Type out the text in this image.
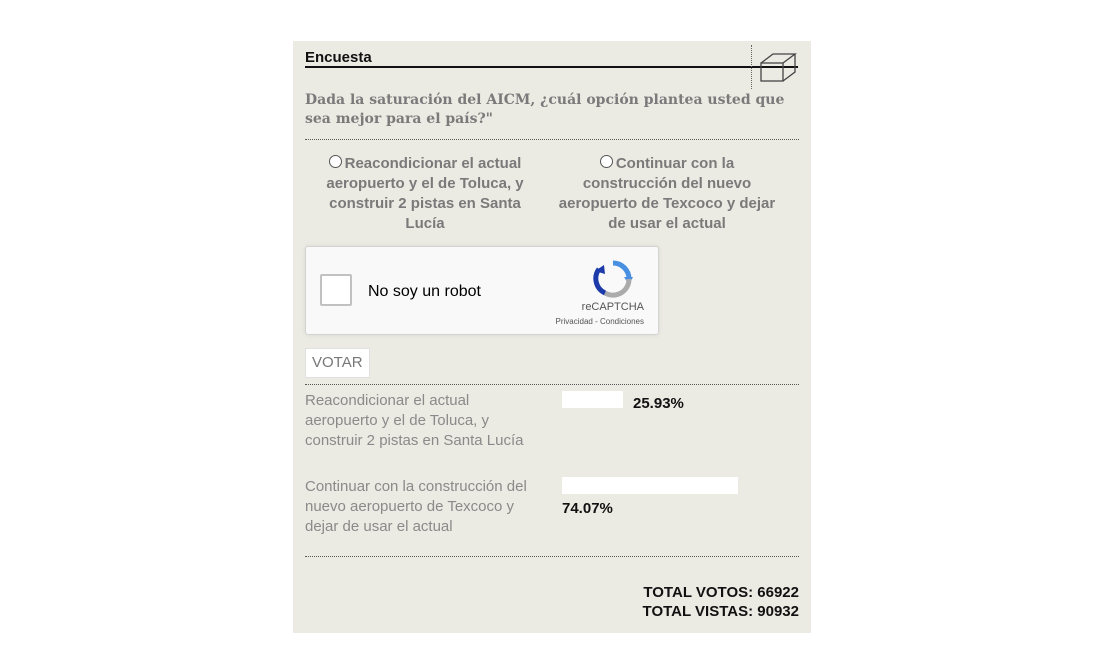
Encuesta
Dada la saturación del AICM, ¿cuál opción plantea usted que sea mejor para el país?"
Reacondicionar el actual aeropuerto y el de Toluca, y construir 2 pistas en Santa Lucía
Continuar con la construcción del nuevo aeropuerto de Texcoco y dejar de usar el actual
No soy un robot
reCAPTCHA
Privacidad - Condiciones
VOTAR
Reacondicionar el actual aeropuerto y el de Toluca, y construir 2 pistas en Santa Lucía
25.93%
Continuar con la construcción del nuevo aeropuerto de Texcoco y dejar de usar el actual
74.07%
TOTAL VOTOS: 66922
TOTAL VISTAS: 90932
